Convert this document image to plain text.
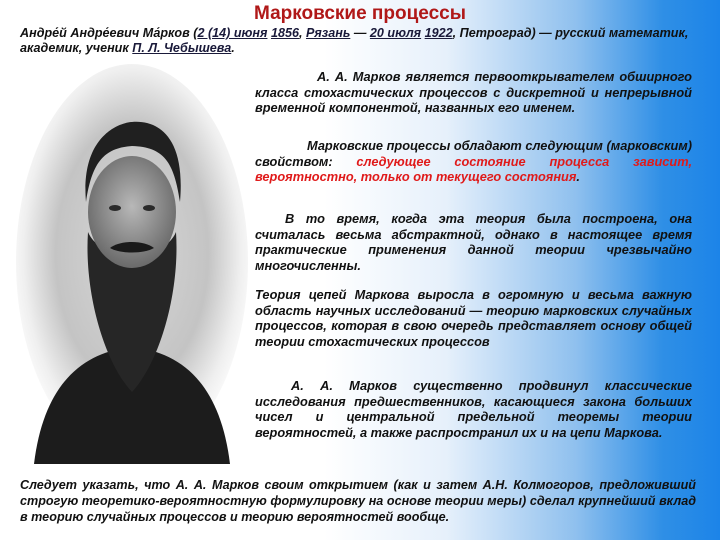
Марковские процессы
Андре́й Андре́евич Ма́рков (2 (14) июня 1856, Рязань — 20 июля 1922, Петроград) — русский математик, академик, ученик П. Л. Чебышева.
А. А. Марков является первооткрывателем обширного класса стохастических процессов с дискретной и непрерывной временной компонентой, названных его именем.
Марковские процессы обладают следующим (марковским) свойством: следующее состояние процесса зависит, вероятностно, только от текущего состояния.
В то время, когда эта теория была построена, она считалась весьма абстрактной, однако в настоящее время практические применения данной теории чрезвычайно многочисленны.
Теория цепей Маркова выросла в огромную и весьма важную область научных исследований — теорию марковских случайных процессов, которая в свою очередь представляет основу общей теории стохастических процессов
А. А. Марков существенно продвинул классические исследования предшественников, касающиеся закона больших чисел и центральной предельной теоремы теории вероятностей, а также распространил их и на цепи Маркова.
Следует указать, что А. А. Марков своим открытием (как и затем А.Н. Колмогоров, предложивший строгую теоретико-вероятностную формулировку на основе теории меры) сделал крупнейший вклад в теорию случайных процессов и теорию вероятностей вообще.
